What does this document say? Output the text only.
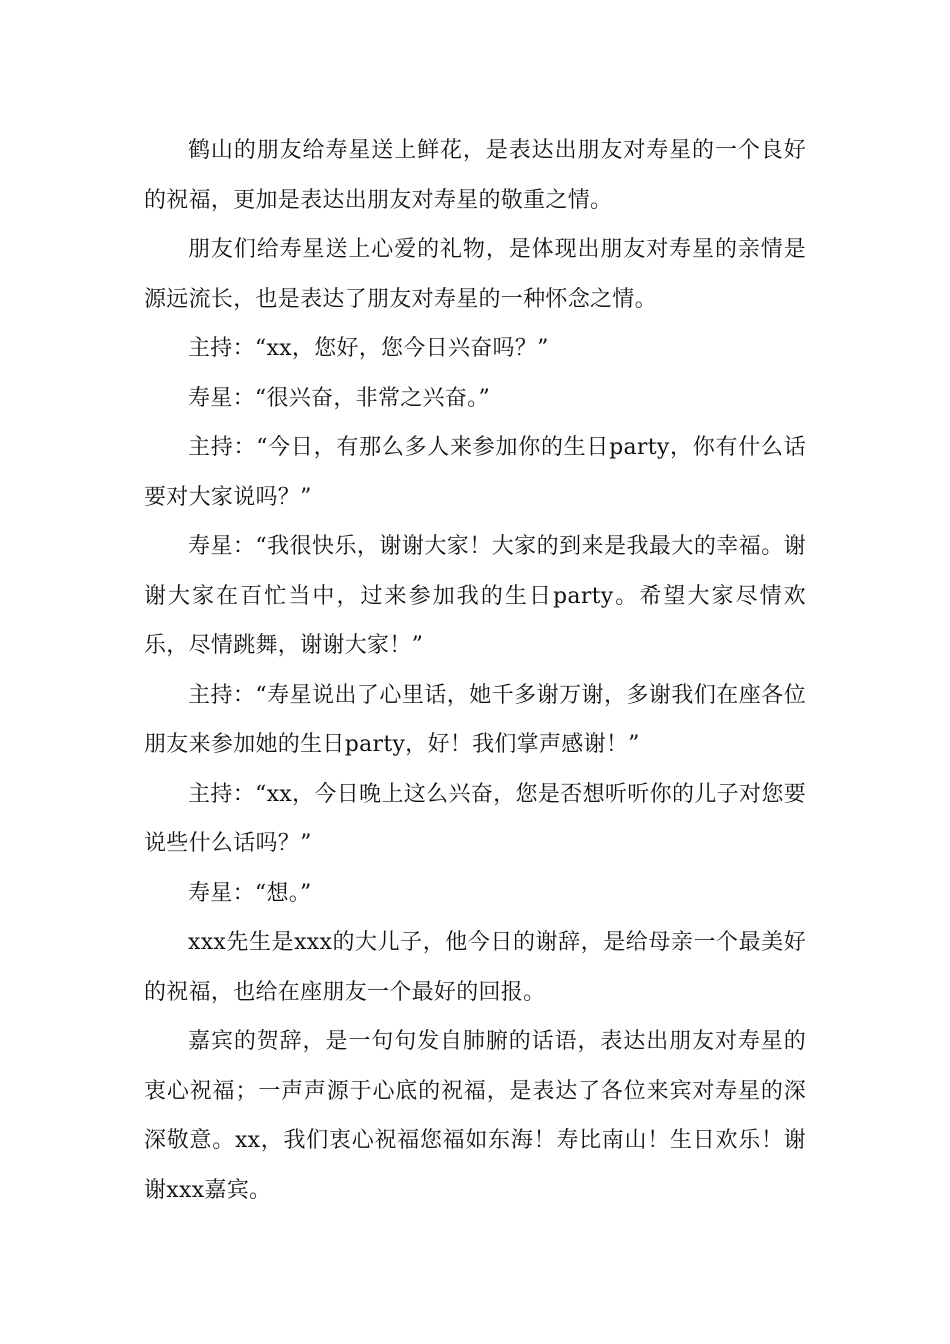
鹤山的朋友给寿星送上鲜花，是表达出朋友对寿星的一个良好的祝福，更加是表达出朋友对寿星的敬重之情。

朋友们给寿星送上心爱的礼物，是体现出朋友对寿星的亲情是源远流长，也是表达了朋友对寿星的一种怀念之情。

主持：“xx，您好，您今日兴奋吗？”

寿星：“很兴奋，非常之兴奋。”

主持：“今日，有那么多人来参加你的生日party，你有什么话要对大家说吗？”

寿星：“我很快乐，谢谢大家！大家的到来是我最大的幸福。谢谢大家在百忙当中，过来参加我的生日party。希望大家尽情欢乐，尽情跳舞，谢谢大家！”

主持：“寿星说出了心里话，她千多谢万谢，多谢我们在座各位朋友来参加她的生日party，好！我们掌声感谢！”

主持：“xx，今日晚上这么兴奋，您是否想听听你的儿子对您要说些什么话吗？”

寿星：“想。”

xxx先生是xxx的大儿子，他今日的谢辞，是给母亲一个最美好的祝福，也给在座朋友一个最好的回报。

嘉宾的贺辞，是一句句发自肺腑的话语，表达出朋友对寿星的衷心祝福；一声声源于心底的祝福，是表达了各位来宾对寿星的深深敬意。xx，我们衷心祝福您福如东海！寿比南山！生日欢乐！谢谢xxx嘉宾。
